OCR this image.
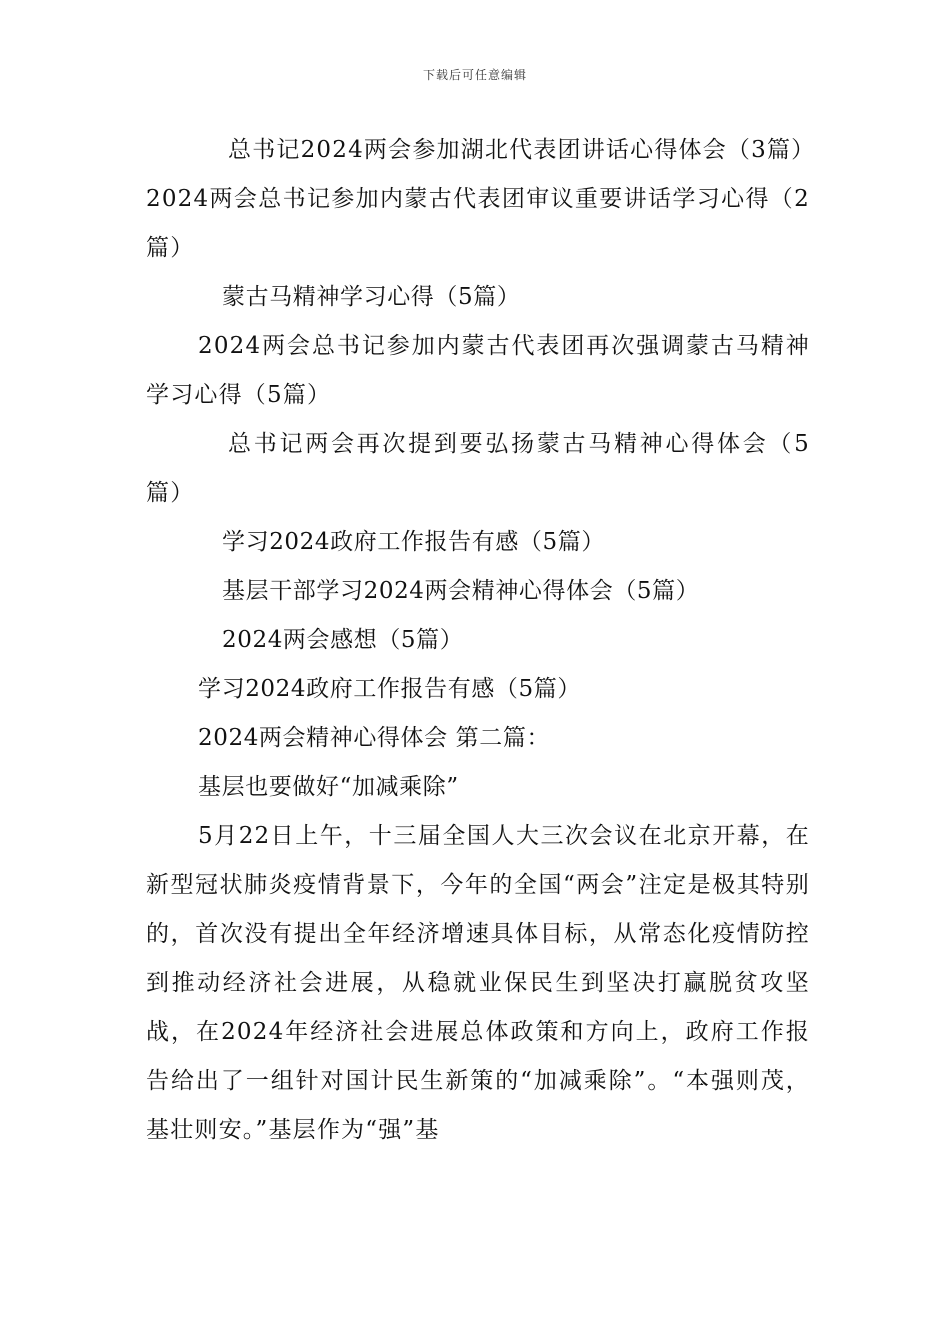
下载后可任意编辑
总书记2024两会参加湖北代表团讲话心得体会（3篇）
2024两会总书记参加内蒙古代表团审议重要讲话学习心得（2篇）
蒙古马精神学习心得（5篇）
2024两会总书记参加内蒙古代表团再次强调蒙古马精神学习心得（5篇）
总书记两会再次提到要弘扬蒙古马精神心得体会（5篇）
学习2024政府工作报告有感（5篇）
基层干部学习2024两会精神心得体会（5篇）
2024两会感想（5篇）
学习2024政府工作报告有感（5篇）
2024两会精神心得体会 第二篇：
基层也要做好“加减乘除”
5月22日上午，十三届全国人大三次会议在北京开幕，在新型冠状肺炎疫情背景下，今年的全国“两会”注定是极其特别的，首次没有提出全年经济增速具体目标，从常态化疫情防控到推动经济社会进展，从稳就业保民生到坚决打赢脱贫攻坚战，在2024年经济社会进展总体政策和方向上，政府工作报告给出了一组针对国计民生新策的“加减乘除”。“本强则茂，基壮则安。”基层作为“强”基
